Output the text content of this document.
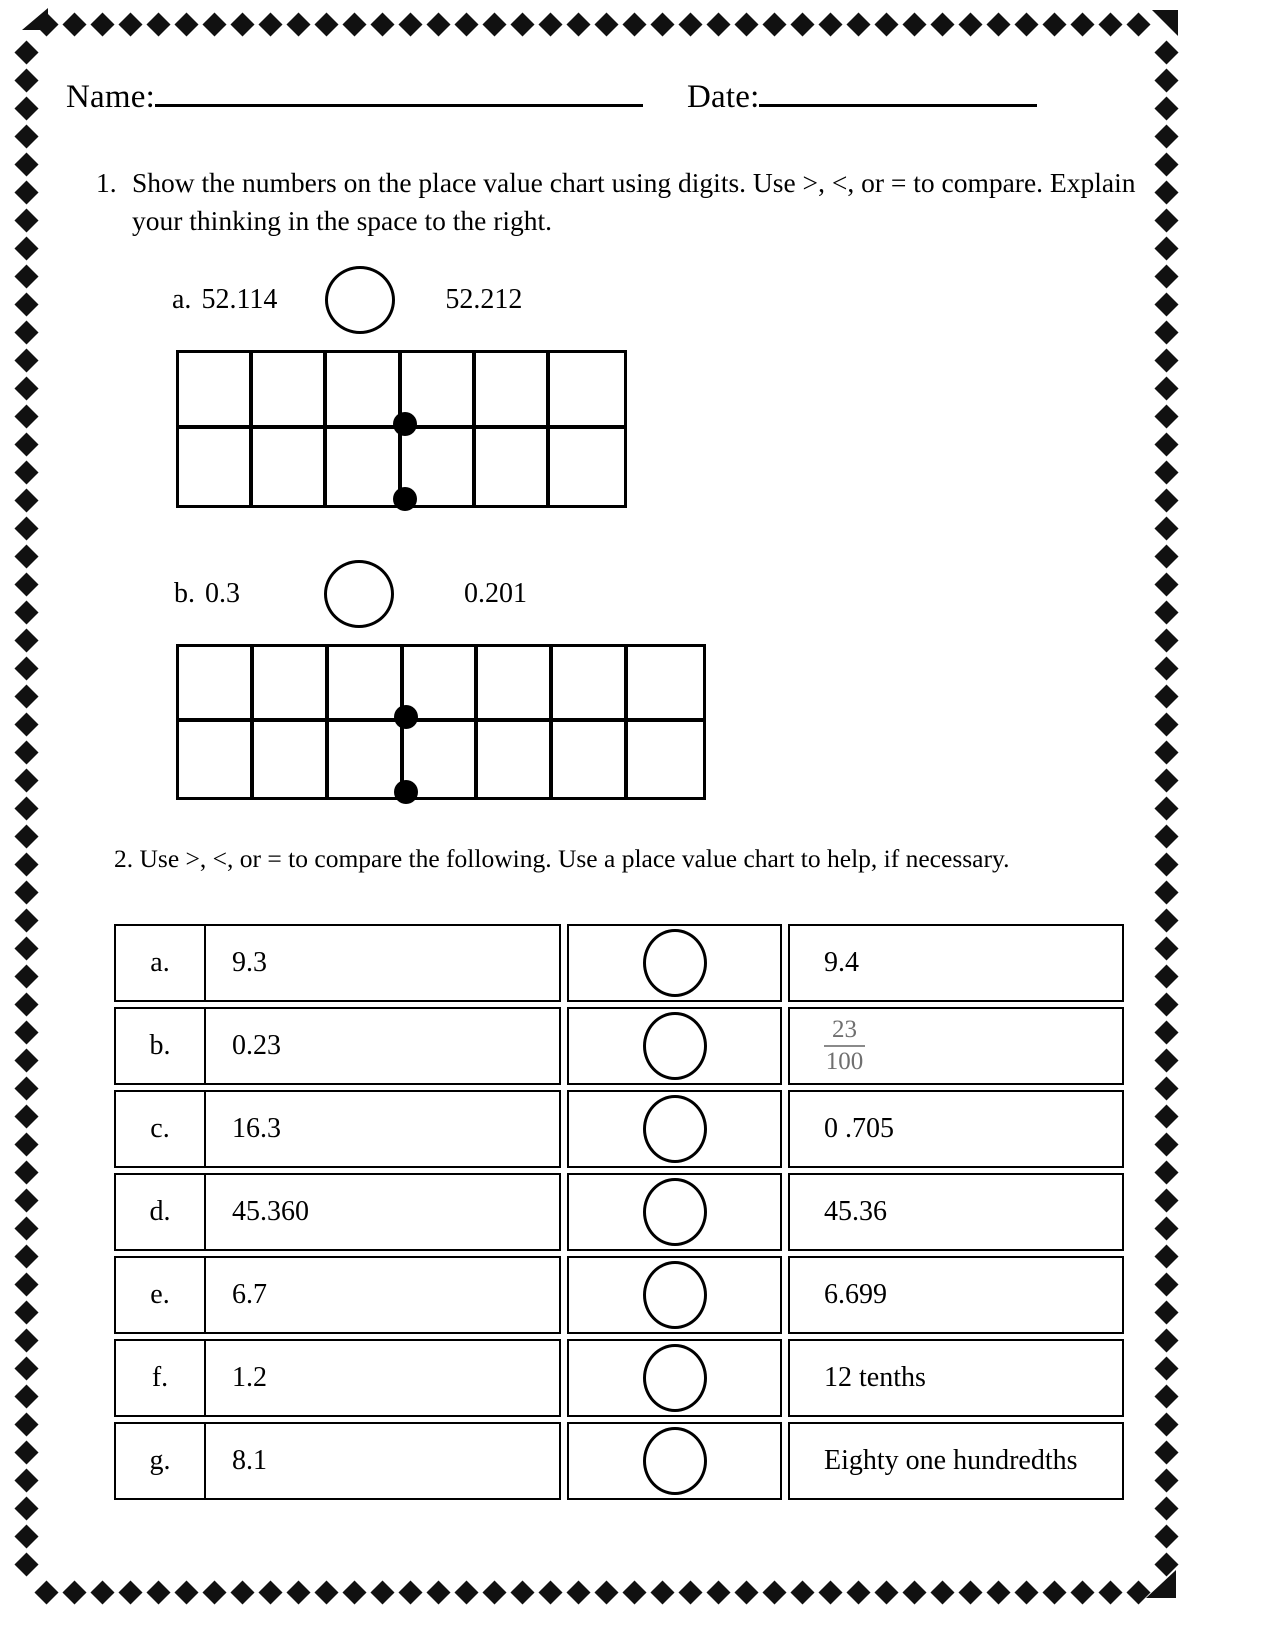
Name:	Date:
1. Show the numbers on the place value chart using digits. Use >, <, or = to compare. Explain your thinking in the space to the right.
a. 52.114	52.212
b. 0.3	0.201
2. Use >, <, or = to compare the following. Use a place value chart to help, if necessary.
a.	9.3	9.4
b.	0.23	$\frac{23}{100}$
c.	16.3	0 .705
d.	45.360	45.36
e.	6.7	6.699
f.	1.2	12 tenths
g.	8.1	Eighty one hundredths
